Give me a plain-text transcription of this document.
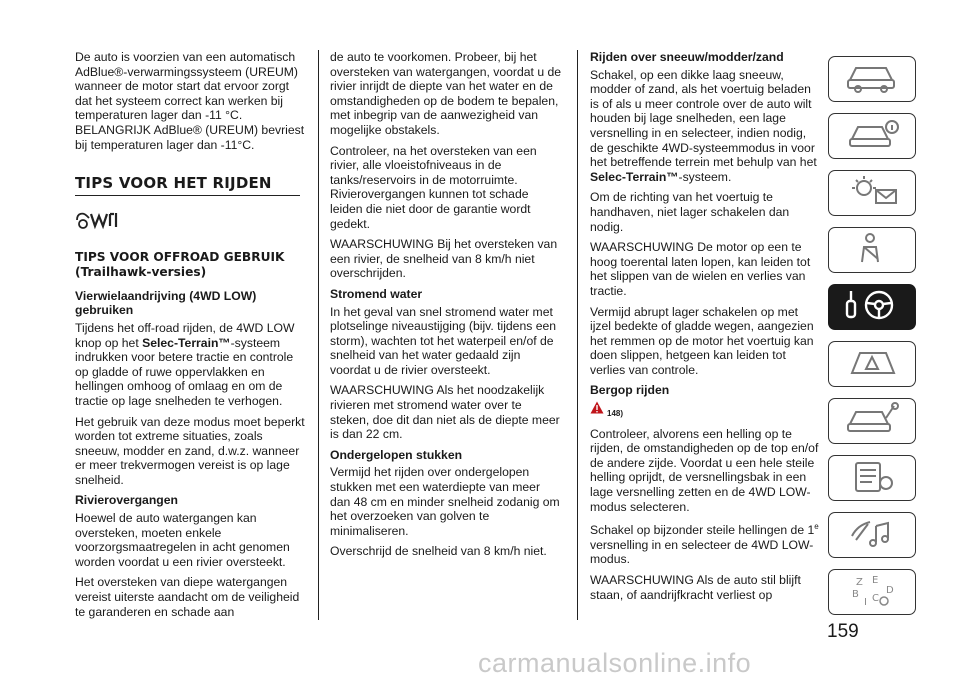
De auto is voorzien van een automatisch AdBlue®-verwarmingssysteem (UREUM) wanneer de motor start dat ervoor zorgt dat het systeem correct kan werken bij temperaturen lager dan -11 °C. BELANGRIJK AdBlue® (UREUM) bevriest bij temperaturen lager dan -11°C.

TIPS VOOR HET RIJDEN
TIPS VOOR OFFROAD GEBRUIK (Trailhawk-versies)
Vierwielaandrijving (4WD LOW) gebruiken

Tijdens het off-road rijden, de 4WD LOW knop op het Selec-Terrain™-systeem indrukken voor betere tractie en controle op gladde of ruwe oppervlakken en hellingen omhoog of omlaag en om de tractie op lage snelheden te verhogen.

Het gebruik van deze modus moet beperkt worden tot extreme situaties, zoals sneeuw, modder en zand, d.w.z. wanneer er meer trekvermogen vereist is op lage snelheid.

Rivierovergangen

Hoewel de auto watergangen kan oversteken, moeten enkele voorzorgsmaatregelen in acht genomen worden voordat u een rivier oversteekt.

Het oversteken van diepe watergangen vereist uiterste aandacht om de veiligheid te garanderen en schade aan

de auto te voorkomen. Probeer, bij het oversteken van watergangen, voordat u de rivier inrijdt de diepte van het water en de omstandigheden op de bodem te bepalen, met inbegrip van de aanwezigheid van mogelijke obstakels.

Controleer, na het oversteken van een rivier, alle vloeistofniveaus in de tanks/reservoirs in de motorruimte. Rivierovergangen kunnen tot schade leiden die niet door de garantie wordt gedekt.

WAARSCHUWING Bij het oversteken van een rivier, de snelheid van 8 km/h niet overschrijden.

Stromend water

In het geval van snel stromend water met plotselinge niveaustijging (bijv. tijdens een storm), wachten tot het waterpeil en/of de snelheid van het water gedaald zijn voordat u de rivier oversteekt.

WAARSCHUWING Als het noodzakelijk rivieren met stromend water over te steken, doe dit dan niet als de diepte meer is dan 22 cm.

Ondergelopen stukken

Vermijd het rijden over ondergelopen stukken met een waterdiepte van meer dan 48 cm en minder snelheid zodanig om het overzoeken van golven te minimaliseren.

Overschrijd de snelheid van 8 km/h niet.

Rijden over sneeuw/modder/zand

Schakel, op een dikke laag sneeuw, modder of zand, als het voertuig beladen is of als u meer controle over de auto wilt houden bij lage snelheden, een lage versnelling in en selecteer, indien nodig, de geschikte 4WD-systeemmodus in voor het betreffende terrein met behulp van het Selec-Terrain™-systeem.

Om de richting van het voertuig te handhaven, niet lager schakelen dan nodig.

WAARSCHUWING De motor op een te hoog toerental laten lopen, kan leiden tot het slippen van de wielen en verlies van tractie.

Vermijd abrupt lager schakelen op met ijzel bedekte of gladde wegen, aangezien het remmen op de motor het voertuig kan doen slippen, hetgeen kan leiden tot verlies van controle.

Bergop rijden
148)

Controleer, alvorens een helling op te rijden, de omstandigheden op de top en/of de andere zijde. Voordat u een hele steile helling oprijdt, de versnellingsbak in een lage versnelling zetten en de 4WD LOW-modus selecteren.

Schakel op bijzonder steile hellingen de 1e versnelling in en selecteer de 4WD LOW-modus.

WAARSCHUWING Als de auto stil blijft staan, of aandrijfkracht verliest op

Z E
B
I C
D
159
carmanualsonline.info
